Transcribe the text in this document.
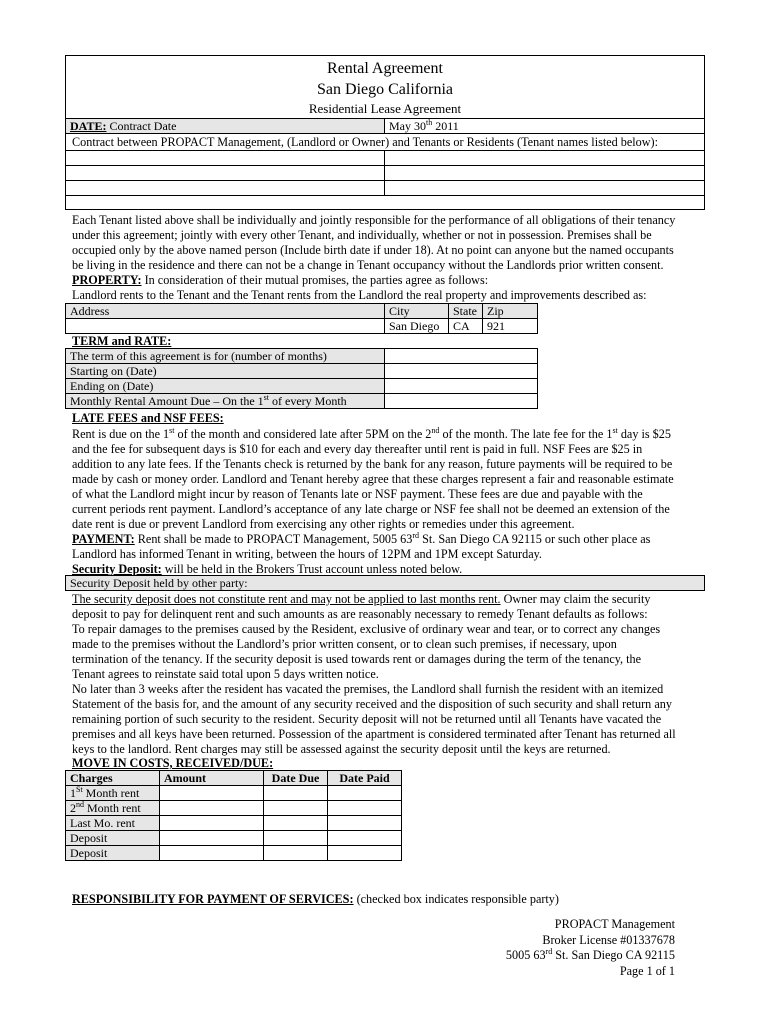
Rental Agreement
San Diego California
Residential Lease Agreement
DATE: Contract Date	May 30th 2011
Contract between PROPACT Management, (Landlord or Owner) and Tenants or Residents (Tenant names listed below):

Each Tenant listed above shall be individually and jointly responsible for the performance of all obligations of their tenancy
under this agreement; jointly with every other Tenant, and individually, whether or not in possession. Premises shall be
occupied only by the above named person (Include birth date if under 18). At no point can anyone but the named occupants
be living in the residence and there can not be a change in Tenant occupancy without the Landlords prior written consent.
PROPERTY: In consideration of their mutual promises, the parties agree as follows:
Landlord rents to the Tenant and the Tenant rents from the Landlord the real property and improvements described as:
Address	City	State	Zip
	San Diego	CA	921
TERM and RATE:
The term of this agreement is for (number of months)	
Starting on (Date)	
Ending on (Date)	
Monthly Rental Amount Due – On the 1st of every Month	
LATE FEES and NSF FEES:
Rent is due on the 1st of the month and considered late after 5PM on the 2nd of the month. The late fee for the 1st day is $25
and the fee for subsequent days is $10 for each and every day thereafter until rent is paid in full. NSF Fees are $25 in
addition to any late fees. If the Tenants check is returned by the bank for any reason, future payments will be required to be
made by cash or money order. Landlord and Tenant hereby agree that these charges represent a fair and reasonable estimate
of what the Landlord might incur by reason of Tenants late or NSF payment. These fees are due and payable with the
current periods rent payment. Landlord’s acceptance of any late charge or NSF fee shall not be deemed an extension of the
date rent is due or prevent Landlord from exercising any other rights or remedies under this agreement.
PAYMENT: Rent shall be made to PROPACT Management, 5005 63rd St. San Diego CA 92115 or such other place as
Landlord has informed Tenant in writing, between the hours of 12PM and 1PM except Saturday.
Security Deposit: will be held in the Brokers Trust account unless noted below.
Security Deposit held by other party:
The security deposit does not constitute rent and may not be applied to last months rent. Owner may claim the security
deposit to pay for delinquent rent and such amounts as are reasonably necessary to remedy Tenant defaults as follows:
To repair damages to the premises caused by the Resident, exclusive of ordinary wear and tear, or to correct any changes
made to the premises without the Landlord’s prior written consent, or to clean such premises, if necessary, upon
termination of the tenancy. If the security deposit is used towards rent or damages during the term of the tenancy, the
Tenant agrees to reinstate said total upon 5 days written notice.
No later than 3 weeks after the resident has vacated the premises, the Landlord shall furnish the resident with an itemized
Statement of the basis for, and the amount of any security received and the disposition of such security and shall return any
remaining portion of such security to the resident. Security deposit will not be returned until all Tenants have vacated the
premises and all keys have been returned. Possession of the apartment is considered terminated after Tenant has returned all
keys to the landlord. Rent charges may still be assessed against the security deposit until the keys are returned.
MOVE IN COSTS, RECEIVED/DUE:
Charges	Amount	Date Due	Date Paid
1St Month rent			
2nd Month rent			
Last Mo. rent			
Deposit			
Deposit			
RESPONSIBILITY FOR PAYMENT OF SERVICES: (checked box indicates responsible party)
PROPACT Management
Broker License #01337678
5005 63rd St. San Diego CA 92115
Page 1 of 1
